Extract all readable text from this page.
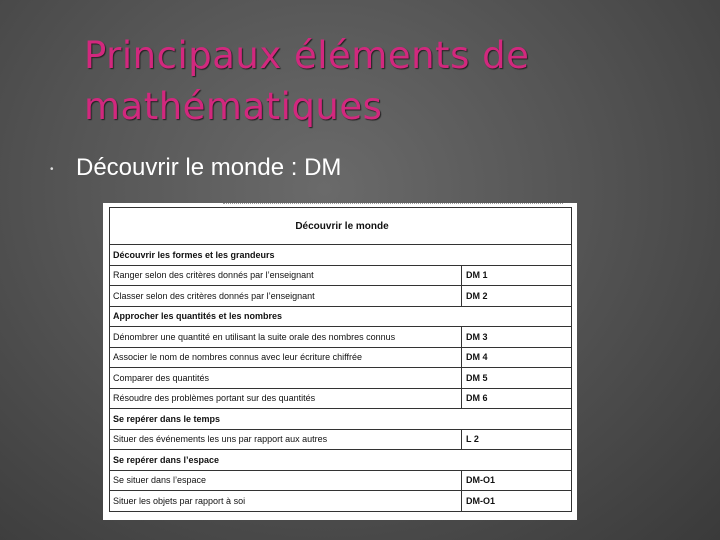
Principaux éléments de
mathématiques
• Découvrir le monde : DM
Découvrir le monde	
Découvrir les formes et les grandeurs	
Ranger selon des critères donnés par l’enseignant	DM 1
Classer selon des critères donnés par l’enseignant	DM 2
Approcher les quantités et les nombres	
Dénombrer une quantité en utilisant la suite orale des nombres connus	DM 3
Associer le nom de nombres connus avec leur écriture chiffrée	DM 4
Comparer des quantités	DM 5
Résoudre des problèmes portant sur des quantités	DM 6
Se repérer dans le temps	
Situer des événements les uns par rapport aux autres	L 2
Se repérer dans l’espace	
Se situer dans l’espace	DM-O1
Situer les objets par rapport à soi	DM-O1
